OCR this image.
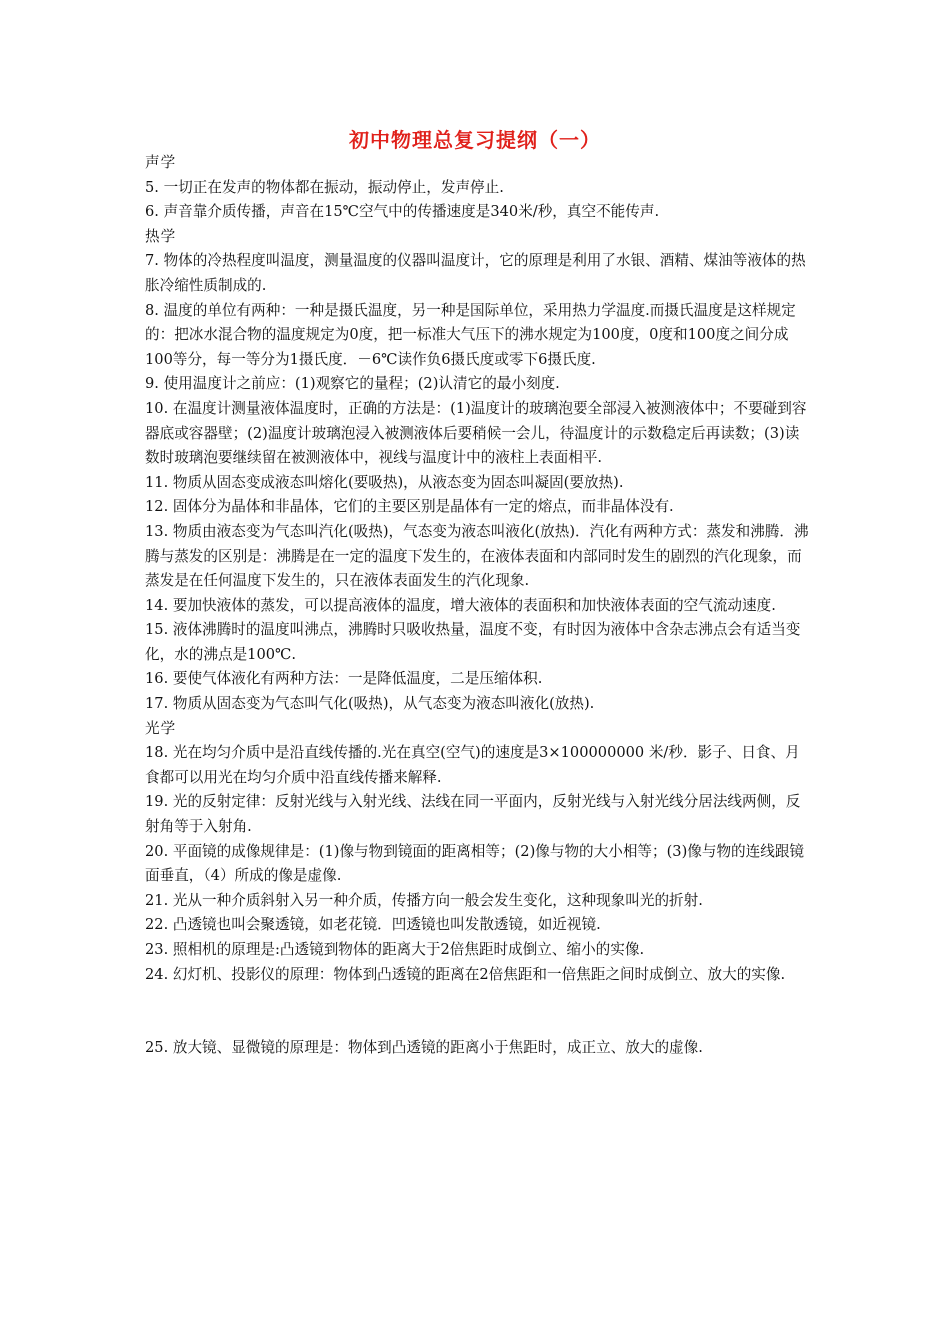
初中物理总复习提纲（一）
声学
5. 一切正在发声的物体都在振动，振动停止，发声停止.
6. 声音靠介质传播，声音在15℃空气中的传播速度是340米/秒，真空不能传声.
热学
7. 物体的冷热程度叫温度，测量温度的仪器叫温度计，它的原理是利用了水银、酒精、煤油等液体的热胀冷缩性质制成的.
8. 温度的单位有两种：一种是摄氏温度，另一种是国际单位，采用热力学温度.而摄氏温度是这样规定的：把冰水混合物的温度规定为0度，把一标准大气压下的沸水规定为100度，0度和100度之间分成100等分，每一等分为1摄氏度．－6℃读作负6摄氏度或零下6摄氏度.
9. 使用温度计之前应：(1)观察它的量程；(2)认清它的最小刻度.
10. 在温度计测量液体温度时，正确的方法是：(1)温度计的玻璃泡要全部浸入被测液体中；不要碰到容器底或容器壁；(2)温度计玻璃泡浸入被测液体后要稍候一会儿，待温度计的示数稳定后再读数；(3)读数时玻璃泡要继续留在被测液体中，视线与温度计中的液柱上表面相平.
11. 物质从固态变成液态叫熔化(要吸热)，从液态变为固态叫凝固(要放热).
12. 固体分为晶体和非晶体，它们的主要区别是晶体有一定的熔点，而非晶体没有.
13. 物质由液态变为气态叫汽化(吸热)，气态变为液态叫液化(放热)．汽化有两种方式：蒸发和沸腾．沸腾与蒸发的区别是：沸腾是在一定的温度下发生的，在液体表面和内部同时发生的剧烈的汽化现象，而蒸发是在任何温度下发生的，只在液体表面发生的汽化现象.
14. 要加快液体的蒸发，可以提高液体的温度，增大液体的表面积和加快液体表面的空气流动速度.
15. 液体沸腾时的温度叫沸点，沸腾时只吸收热量，温度不变，有时因为液体中含杂志沸点会有适当变化，水的沸点是100℃.
16. 要使气体液化有两种方法：一是降低温度，二是压缩体积.
17. 物质从固态变为气态叫气化(吸热)，从气态变为液态叫液化(放热).
光学
18. 光在均匀介质中是沿直线传播的.光在真空(空气)的速度是3×100000000 米/秒．影子、日食、月食都可以用光在均匀介质中沿直线传播来解释.
19. 光的反射定律：反射光线与入射光线、法线在同一平面内，反射光线与入射光线分居法线两侧，反射角等于入射角.
20. 平面镜的成像规律是：(1)像与物到镜面的距离相等；(2)像与物的大小相等；(3)像与物的连线跟镜面垂直，（4）所成的像是虚像.
21. 光从一种介质斜射入另一种介质，传播方向一般会发生变化，这种现象叫光的折射.
22. 凸透镜也叫会聚透镜，如老花镜．凹透镜也叫发散透镜，如近视镜.
23. 照相机的原理是:凸透镜到物体的距离大于2倍焦距时成倒立、缩小的实像.
24. 幻灯机、投影仪的原理：物体到凸透镜的距离在2倍焦距和一倍焦距之间时成倒立、放大的实像.
25. 放大镜、显微镜的原理是：物体到凸透镜的距离小于焦距时，成正立、放大的虚像.
